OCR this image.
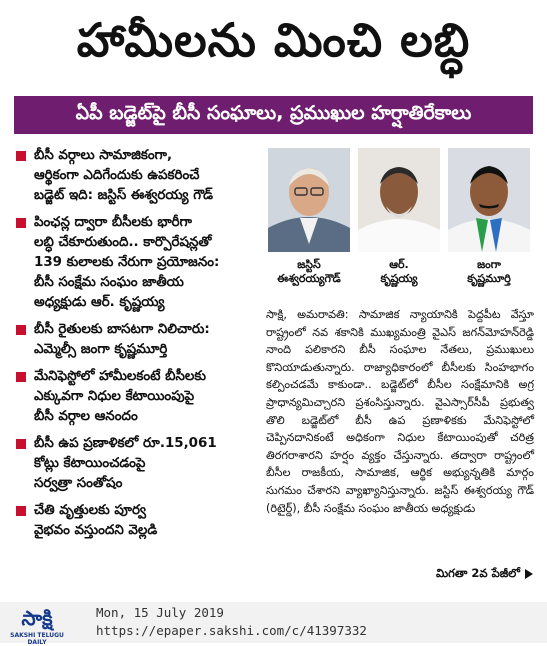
హామీలను మించి లబ్ధి
ఏపీ బడ్జెట్‌పై బీసీ సంఘాలు, ప్రముఖుల హర్షాతిరేకాలు
బీసీ వర్గాలు సామాజికంగా,
ఆర్థికంగా ఎదిగేందుకు ఉపకరించే
బడ్జెట్ ఇది: జస్టిస్ ఈశ్వరయ్య గౌడ్
పింఛన్ల ద్వారా బీసీలకు భారీగా
లబ్ధి చేకూరుతుంది.. కార్పొరేషన్లతో
139 కులాలకు నేరుగా ప్రయోజనం:
బీసీ సంక్షేమ సంఘం జాతీయ
అధ్యక్షుడు ఆర్. కృష్ణయ్య
బీసీ రైతులకు బాసటగా నిలిచారు:
ఎమ్మెల్సీ జంగా కృష్ణమూర్తి
మేనిఫెస్టోలో హామీలకంటే బీసీలకు
ఎక్కువగా నిధుల కేటాయింపుపై
బీసీ వర్గాల ఆనందం
బీసీ ఉప ప్రణాళికలో రూ.15,061
కోట్లు కేటాయించడంపై
సర్వత్రా సంతోషం
చేతి వృత్తులకు పూర్వ
వైభవం వస్తుందని వెల్లడి
జస్టిస్
ఈశ్వరయ్యగౌడ్
ఆర్.
కృష్ణయ్య
జంగా
కృష్ణమూర్తి
సాక్షి, అమరావతి: సామాజిక న్యాయానికి పెద్దపీట వేస్తూ రాష్ట్రంలో నవ శకానికి ముఖ్యమంత్రి వైఎస్ జగన్‌మోహన్‌రెడ్డి నాంది పలికారని బీసీ సంఘాల నేతలు, ప్రముఖులు కొనియాడుతున్నారు. రాజ్యాధికారంలో బీసీలకు సింహభాగం కల్పించడమే కాకుండా.. బడ్జెట్‌లో బీసీల సంక్షేమానికి అగ్ర ప్రాధాన్యమిచ్చారని ప్రశంసిస్తున్నారు. వైఎస్సార్‌సీపీ ప్రభుత్వ తొలి బడ్జెట్‌లో బీసీ ఉప ప్రణాళికకు మేనిఫెస్టోలో చెప్పినదానికంటే అధికంగా నిధుల కేటాయింపుతో చరిత్ర తిరగరాశారని హర్షం వ్యక్తం చేస్తున్నారు. తద్వారా రాష్ట్రంలో బీసీల రాజకీయ, సామాజిక, ఆర్థిక అభ్యున్నతికి మార్గం సుగమం చేశారని వ్యాఖ్యానిస్తున్నారు. జస్టిస్ ఈశ్వరయ్య గౌడ్ (రిటైర్డ్), బీసీ సంక్షేమ సంఘం జాతీయ అధ్యక్షుడు
మిగతా 2వ పేజీలో
సాక్షి
SAKSHI TELUGU DAILY
Mon, 15 July 2019
https://epaper.sakshi.com/c/41397332
